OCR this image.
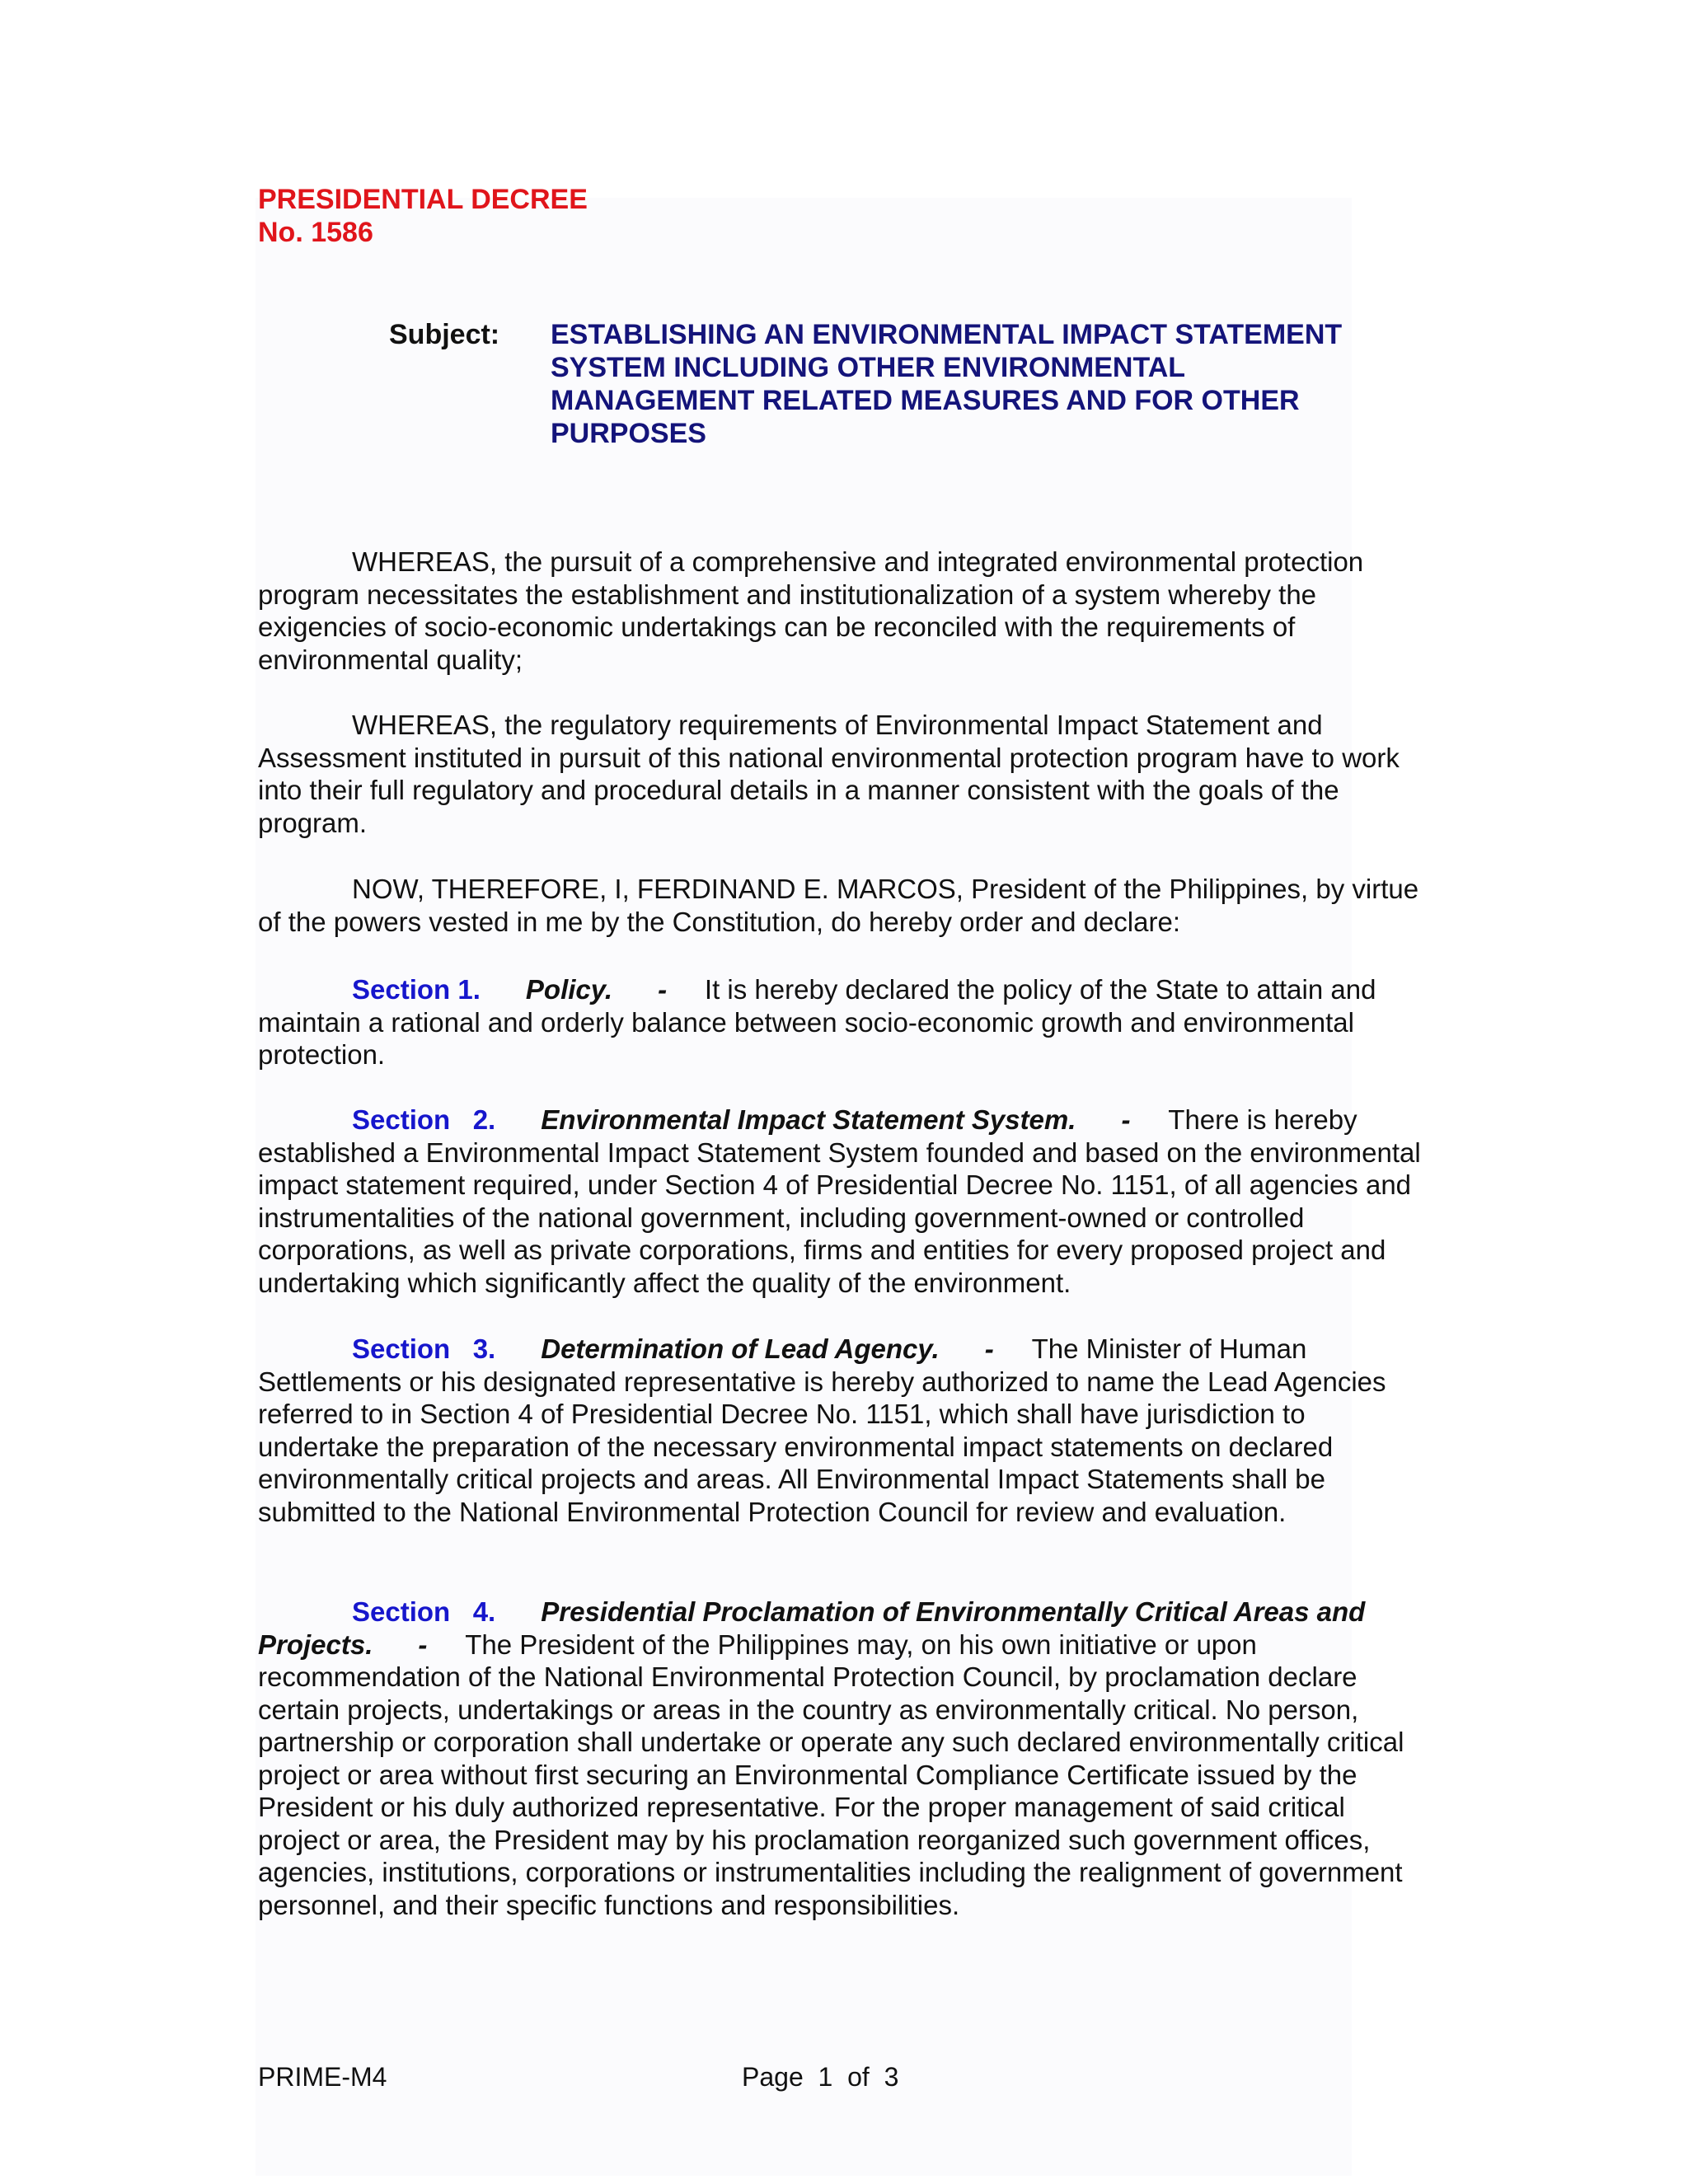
PRESIDENTIAL DECREE
No. 1586
Subject: ESTABLISHING AN ENVIRONMENTAL IMPACT STATEMENT
SYSTEM INCLUDING OTHER ENVIRONMENTAL
MANAGEMENT RELATED MEASURES AND FOR OTHER
PURPOSES

WHEREAS, the pursuit of a comprehensive and integrated environmental protection program necessitates the establishment and institutionalization of a system whereby the exigencies of socio-economic undertakings can be reconciled with the requirements of environmental quality;

WHEREAS, the regulatory requirements of Environmental Impact Statement and Assessment instituted in pursuit of this national environmental protection program have to work into their full regulatory and procedural details in a manner consistent with the goals of the program.

NOW, THEREFORE, I, FERDINAND E. MARCOS, President of the Philippines, by virtue of the powers vested in me by the Constitution, do hereby order and declare:

Section 1. Policy. - It is hereby declared the policy of the State to attain and maintain a rational and orderly balance between socio-economic growth and environmental protection.

Section   2. Environmental Impact Statement System. - There is hereby established a Environmental Impact Statement System founded and based on the environmental impact statement required, under Section 4 of Presidential Decree No. 1151, of all agencies and instrumentalities of the national government, including government-owned or controlled corporations, as well as private corporations, firms and entities for every proposed project and undertaking which significantly affect the quality of the environment.

Section   3. Determination of Lead Agency. - The Minister of Human Settlements or his designated representative is hereby authorized to name the Lead Agencies referred to in Section 4 of Presidential Decree No. 1151, which shall have jurisdiction to undertake the preparation of the necessary environmental impact statements on declared environmentally critical projects and areas. All Environmental Impact Statements shall be submitted to the National Environmental Protection Council for review and evaluation.

Section   4. Presidential Proclamation of Environmentally Critical Areas and Projects. - The President of the Philippines may, on his own initiative or upon recommendation of the National Environmental Protection Council, by proclamation declare certain projects, undertakings or areas in the country as environmentally critical. No person, partnership or corporation shall undertake or operate any such declared environmentally critical project or area without first securing an Environmental Compliance Certificate issued by the President or his duly authorized representative. For the proper management of said critical project or area, the President may by his proclamation reorganized such government offices, agencies, institutions, corporations or instrumentalities including the realignment of government personnel, and their specific functions and responsibilities.

PRIME-M4	Page  1  of  3
